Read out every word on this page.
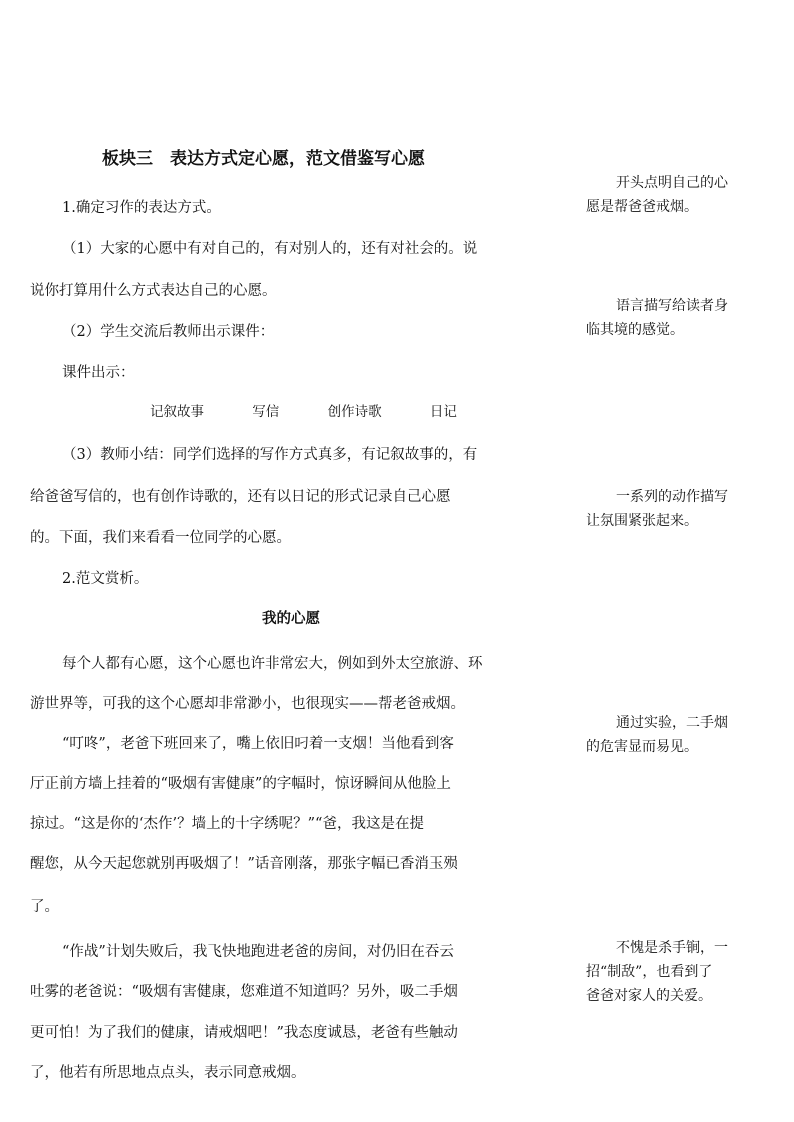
板块三　表达方式定心愿，范文借鉴写心愿
1.确定习作的表达方式。
（1）大家的心愿中有对自己的，有对别人的，还有对社会的。说
说你打算用什么方式表达自己的心愿。
（2）学生交流后教师出示课件：
课件出示：
记叙故事	写信	创作诗歌	日记
（3）教师小结：同学们选择的写作方式真多，有记叙故事的，有
给爸爸写信的，也有创作诗歌的，还有以日记的形式记录自己心愿
的。下面，我们来看看一位同学的心愿。
2.范文赏析。
我的心愿
每个人都有心愿，这个心愿也许非常宏大，例如到外太空旅游、环
游世界等，可我的这个心愿却非常渺小，也很现实——帮老爸戒烟。
“叮咚”，老爸下班回来了，嘴上依旧叼着一支烟！当他看到客
厅正前方墙上挂着的“吸烟有害健康”的字幅时，惊讶瞬间从他脸上
掠过。“这是你的‘杰作’？墙上的十字绣呢？”“爸，我这是在提
醒您，从今天起您就别再吸烟了！”话音刚落，那张字幅已香消玉殒
了。
“作战”计划失败后，我飞快地跑进老爸的房间，对仍旧在吞云
吐雾的老爸说：“吸烟有害健康，您难道不知道吗？另外，吸二手烟
更可怕！为了我们的健康，请戒烟吧！”我态度诚恳，老爸有些触动
了，他若有所思地点点头，表示同意戒烟。
开头点明自己的心
愿是帮爸爸戒烟。
语言描写给读者身
临其境的感觉。
一系列的动作描写
让氛围紧张起来。
通过实验，二手烟
的危害显而易见。
不愧是杀手锏，一
招“制敌”，也看到了
爸爸对家人的关爱。
